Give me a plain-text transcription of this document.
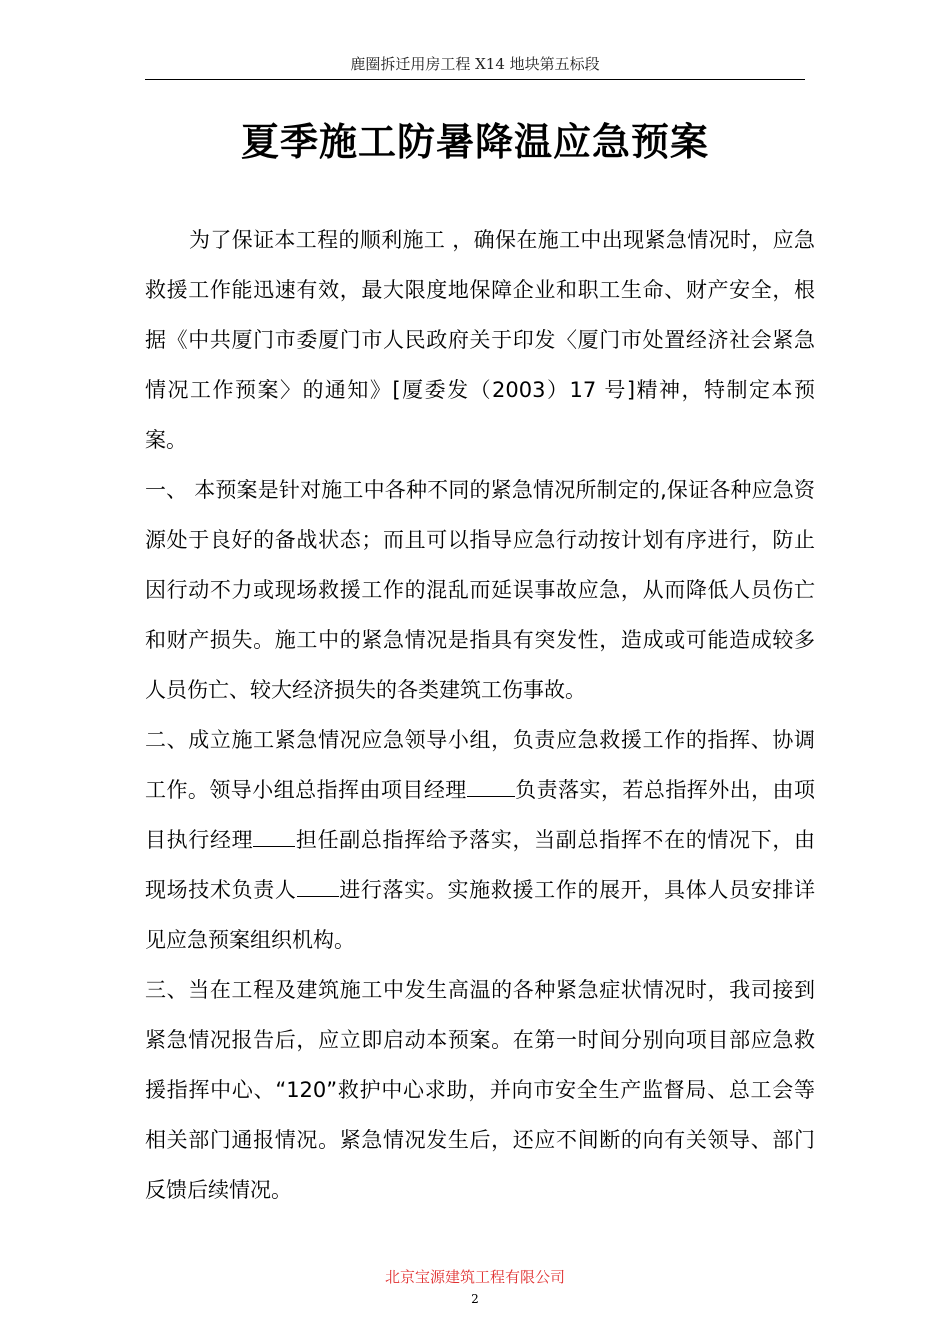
鹿圈拆迁用房工程 X14 地块第五标段
夏季施工防暑降温应急预案

为了保证本工程的顺利施工 ，确保在施工中出现紧急情况时，应急救援工作能迅速有效，最大限度地保障企业和职工生命、财产安全，根据《中共厦门市委厦门市人民政府关于印发〈厦门市处置经济社会紧急情况工作预案〉的通知》[厦委发（2003）17 号]精神，特制定本预案。

一、 本预案是针对施工中各种不同的紧急情况所制定的,保证各种应急资源处于良好的备战状态；而且可以指导应急行动按计划有序进行，防止因行动不力或现场救援工作的混乱而延误事故应急，从而降低人员伤亡和财产损失。施工中的紧急情况是指具有突发性，造成或可能造成较多人员伤亡、较大经济损失的各类建筑工伤事故。

二、成立施工紧急情况应急领导小组，负责应急救援工作的指挥、协调工作。领导小组总指挥由项目经理 负责落实，若总指挥外出，由项目执行经理 担任副总指挥给予落实，当副总指挥不在的情况下，由现场技术负责人 进行落实。实施救援工作的展开，具体人员安排详见应急预案组织机构。

三、当在工程及建筑施工中发生高温的各种紧急症状情况时，我司接到紧急情况报告后，应立即启动本预案。在第一时间分别向项目部应急救援指挥中心、“120”救护中心求助，并向市安全生产监督局、总工会等相关部门通报情况。紧急情况发生后，还应不间断的向有关领导、部门反馈后续情况。

北京宝源建筑工程有限公司
2
